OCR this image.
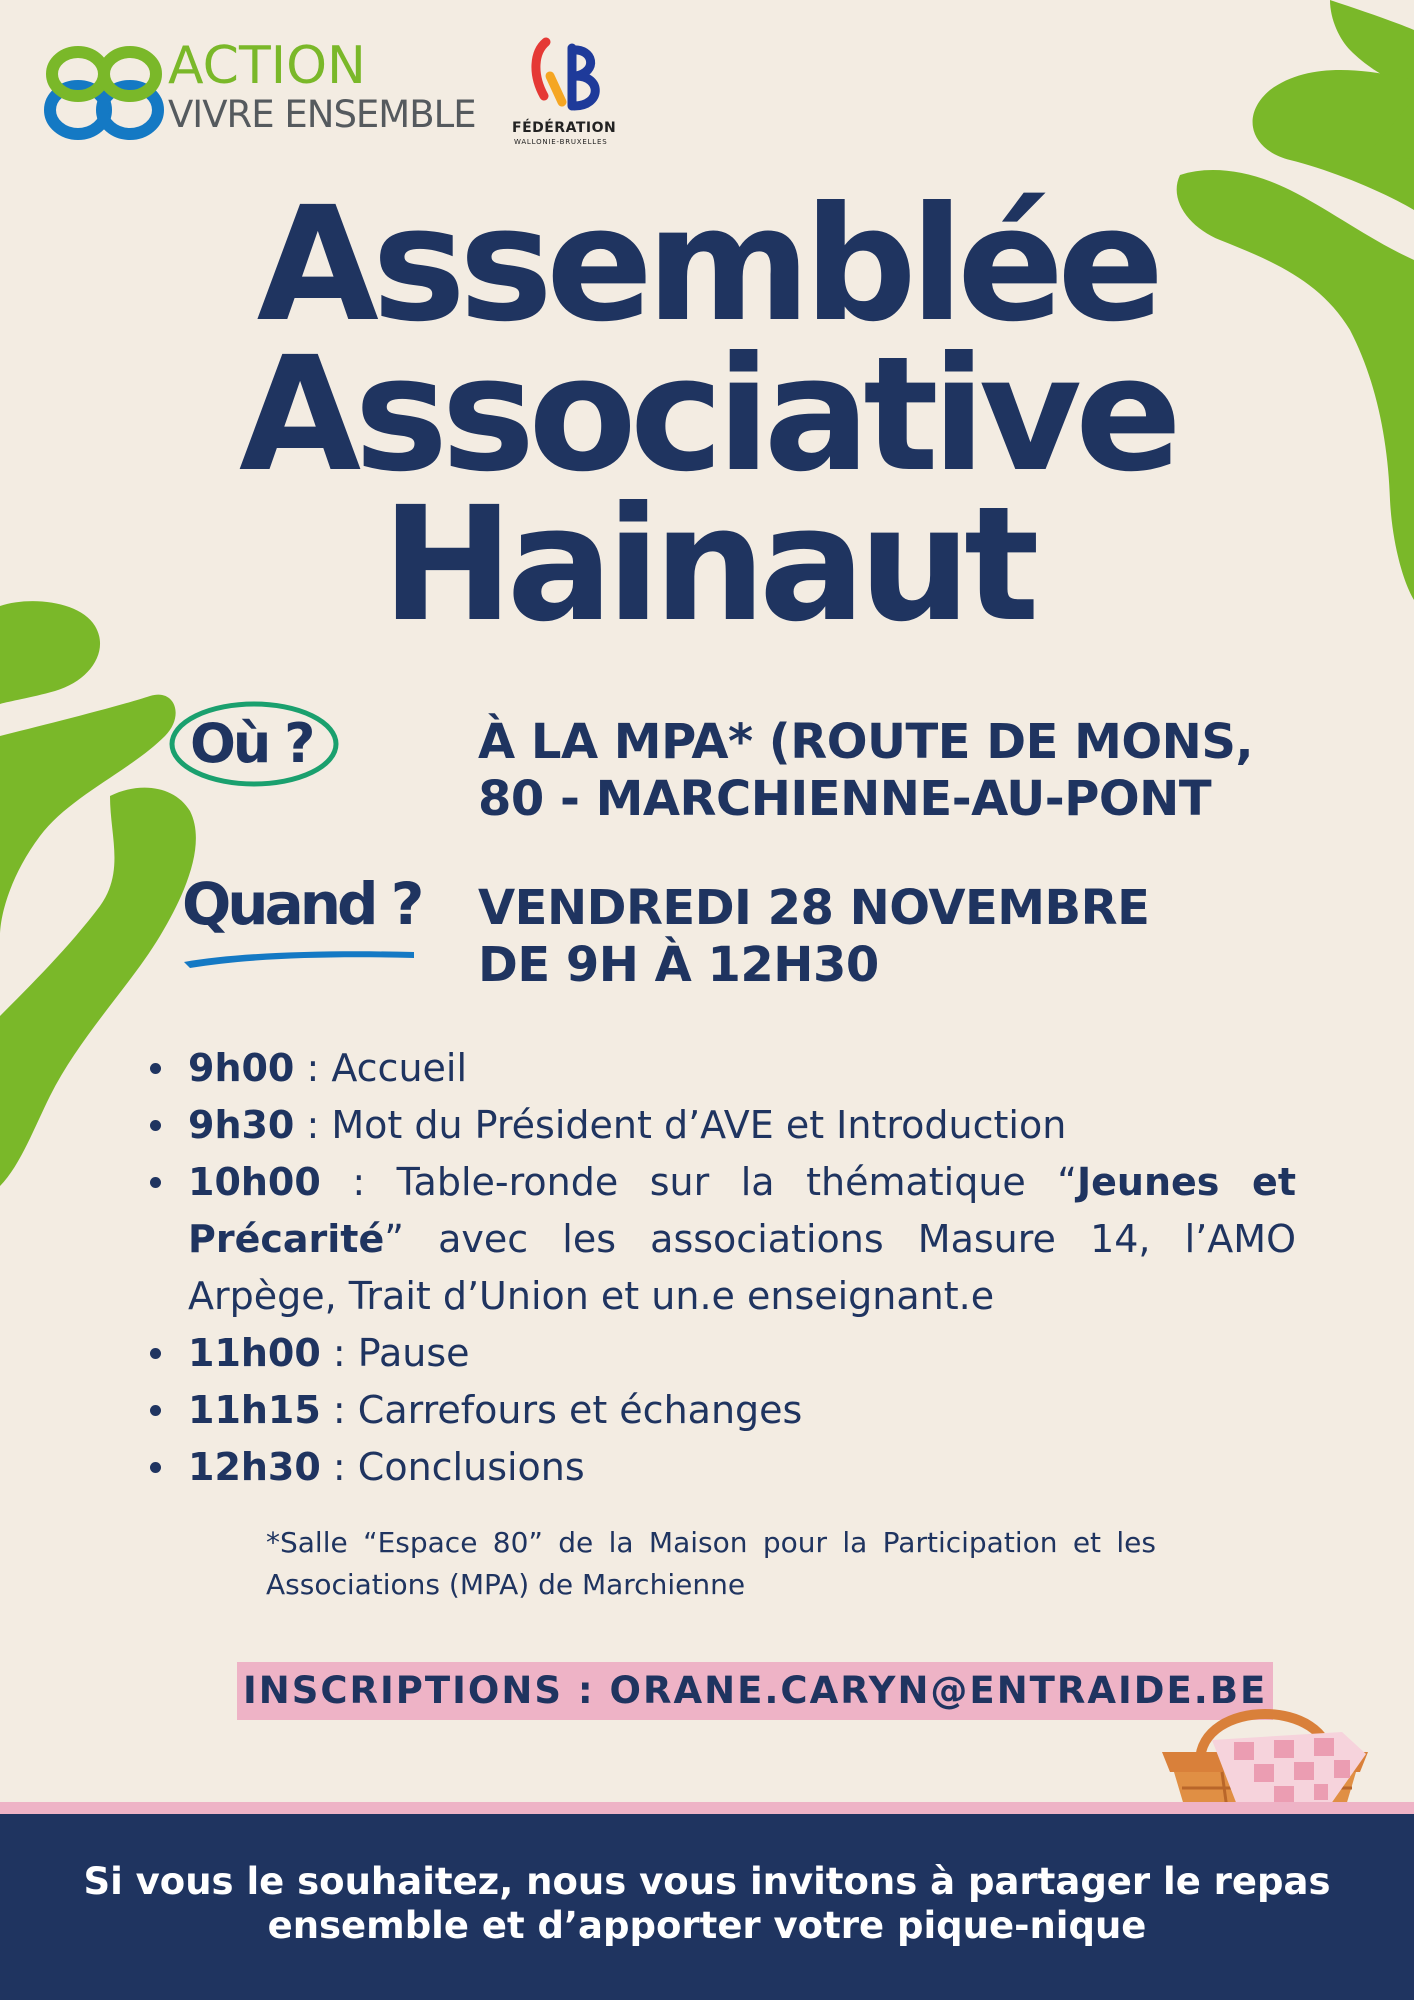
ACTION
VIVRE ENSEMBLE	FÉDÉRATION
WALLONIE-BRUXELLES
Assemblée
Associative
Hainaut
Où ?	À LA MPA* (ROUTE DE MONS,
80 - MARCHIENNE-AU-PONT
Quand ? VENDREDI 28 NOVEMBRE
DE 9H À 12H30
9h00 : Accueil
9h30 : Mot du Président d’AVE et Introduction
10h00 : Table-ronde sur la thématique “Jeunes et Précarité” avec les associations Masure 14, l’AMO Arpège, Trait d’Union et un.e enseignant.e
11h00 : Pause
11h15 : Carrefours et échanges
12h30 : Conclusions
*Salle “Espace 80” de la Maison pour la Participation et les Associations (MPA) de Marchienne
INSCRIPTIONS : ORANE.CARYN@ENTRAIDE.BE
Si vous le souhaitez, nous vous invitons à partager le repas
ensemble et d’apporter votre pique-nique
